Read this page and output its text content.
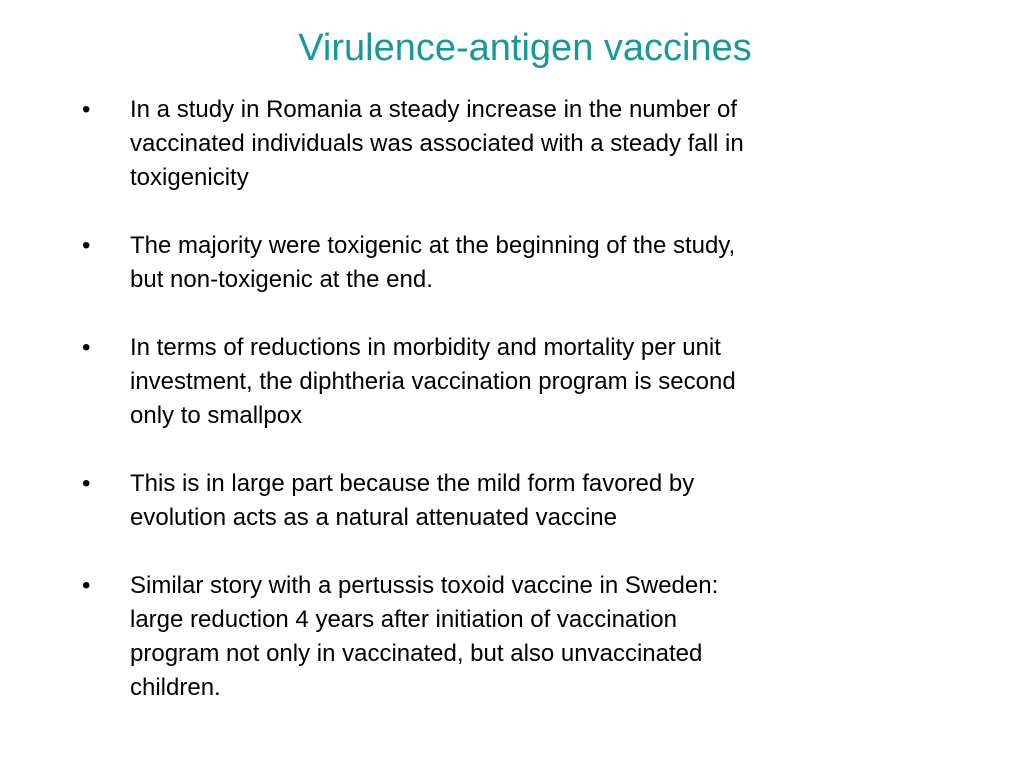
Virulence-antigen vaccines
•	In a study in Romania a steady increase in the number of
vaccinated individuals was associated with a steady fall in
toxigenicity
•	The majority were toxigenic at the beginning of the study,
but non-toxigenic at the end.
•	In terms of reductions in morbidity and mortality per unit
investment, the diphtheria vaccination program is second
only to smallpox
•	This is in large part because the mild form favored by
evolution acts as a natural attenuated vaccine
•	Similar story with a pertussis toxoid vaccine in Sweden:
large reduction 4 years after initiation of vaccination
program not only in vaccinated, but also unvaccinated
children.
